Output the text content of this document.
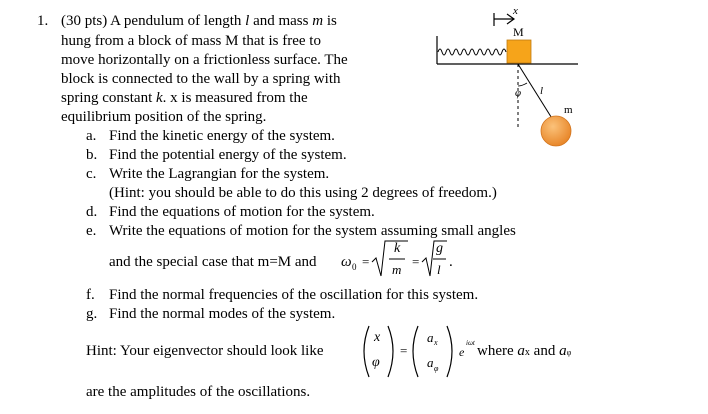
1. (30 pts) A pendulum of length l and mass m is
hung from a block of mass M that is free to
move horizontally on a frictionless surface. The
block is connected to the wall by a spring with
spring constant k. x is measured from the
equilibrium position of the spring.
a. Find the kinetic energy of the system.
b. Find the potential energy of the system.
c. Write the Lagrangian for the system.
(Hint: you should be able to do this using 2 degrees of freedom.)
d. Find the equations of motion for the system.
e. Write the equations of motion for the system assuming small angles
and the special case that m=M and ω 0 =
k
m
=
g
l .
f. Find the normal frequencies of the oscillation for this system.
g. Find the normal modes of the system.
Hint: Your eigenvector should look like
x
φ
=
a x
a φ
e
iωt where ax and aφ
are the amplitudes of the oscillations.
x
M
φ l
m
